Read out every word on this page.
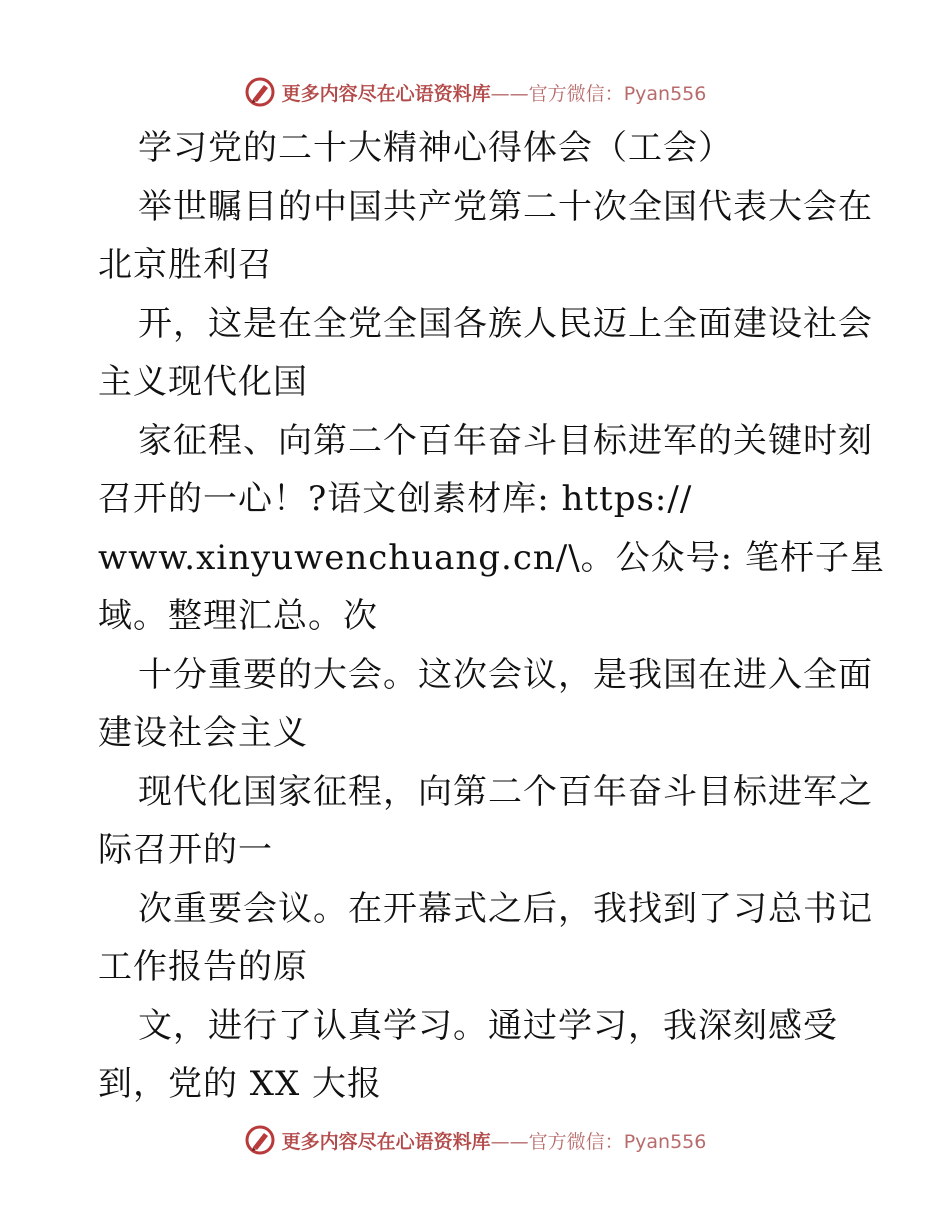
更多内容尽在心语资料库——官方微信：Pyan556
学习党的二十大精神心得体会（工会）
举世瞩目的中国共产党第二十次全国代表大会在
北京胜利召
开，这是在全党全国各族人民迈上全面建设社会
主义现代化国
家征程、向第二个百年奋斗目标进军的关键时刻
召开的一心！?语文创素材库: https://
www.xinyuwenchuang.cn/\。公众号: 笔杆子星
域。整理汇总。次
十分重要的大会。这次会议，是我国在进入全面
建设社会主义
现代化国家征程，向第二个百年奋斗目标进军之
际召开的一
次重要会议。在开幕式之后，我找到了习总书记
工作报告的原
文，进行了认真学习。通过学习，我深刻感受
到，党的 XX 大报
更多内容尽在心语资料库——官方微信：Pyan556
